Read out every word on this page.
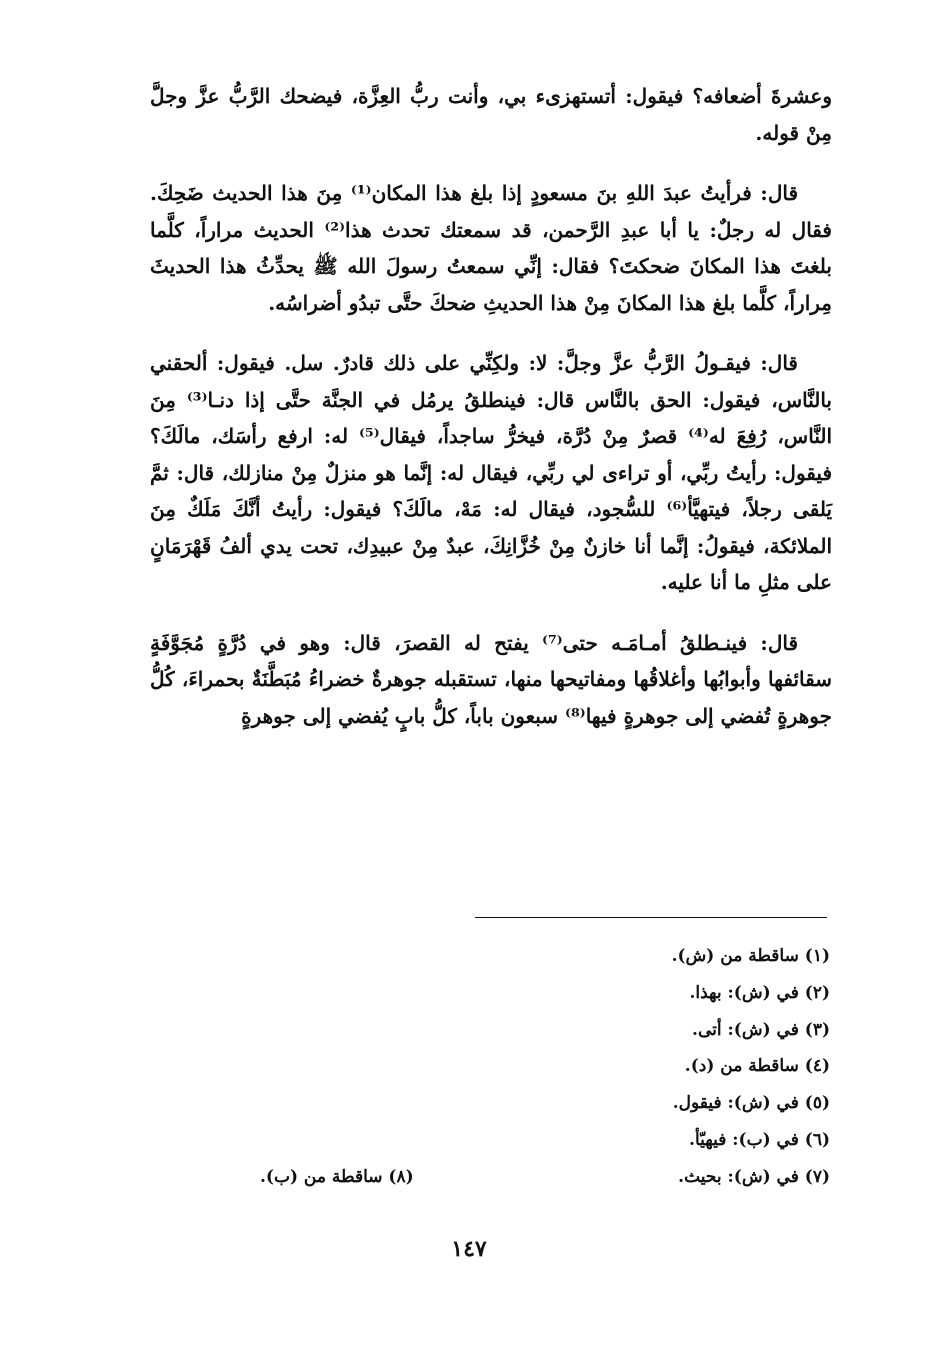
وعشرةَ أضعافه؟ فيقول: أتستهزىء بي، وأنت ربُّ العِزَّة، فيضحك الرَّبُّ عزَّ وجلَّ مِنْ قوله.

قال: فرأيتُ عبدَ اللهِ بنَ مسعودٍ إذا بلغ هذا المكان⁽¹⁾ مِنَ هذا الحديث ضَحِكَ. فقال له رجلٌ: يا أبا عبدِ الرَّحمن، قد سمعتك تحدث هذا⁽²⁾ الحديث مراراً، كلَّما بلغتَ هذا المكانَ ضحكتَ؟ فقال: إنِّي سمعتُ رسولَ الله ﷺ يحدِّثُ هذا الحديثَ مِراراً، كلَّما بلغ هذا المكانَ مِنْ هذا الحديثِ ضحكَ حتَّى تبدُو أضراسُه.

قال: فيقـولُ الرَّبُّ عزَّ وجلَّ: لا: ولكِنِّي على ذلك قادرٌ. سل. فيقول: ألحقني بالنَّاس، فيقول: الحق بالنَّاس قال: فينطلقُ يرمُل في الجنَّة حتَّى إذا دنـا⁽³⁾ مِنَ النَّاس، رُفِعَ له⁽⁴⁾ قصرٌ مِنْ دُرَّة، فيخرُّ ساجداً، فيقال⁽⁵⁾ له: ارفع رأسَك، مالَكَ؟ فيقول: رأيتُ ربِّي، أو تراءى لي ربِّي، فيقال له: إنَّما هو منزلٌ مِنْ منازلك، قال: ثمَّ يَلقى رجلاً، فيتهيَّأ⁽⁶⁾ للسُّجود، فيقال له: مَهْ، مالَكَ؟ فيقول: رأيتُ أنَّكَ مَلَكٌ مِنَ الملائكة، فيقولُ: إنَّما أنا خازنٌ مِنْ خُزَّانِكَ، عبدٌ مِنْ عبيدِك، تحت يدي ألفُ قَهْرَمَانٍ على مثلِ ما أنا عليه.

قال: فينـطلقُ أمـامَـه حتى⁽⁷⁾ يفتح له القصرَ، قال: وهو في دُرَّةٍ مُجَوَّفَةٍ سقائفها وأبوابُها وأغلاقُها ومفاتيحها منها، تستقبله جوهرةٌ خضراءُ مُبَطَّنَةٌ بحمراءَ، كُلُّ جوهرةٍ تُفضي إلى جوهرةٍ فيها⁽⁸⁾ سبعون باباً، كلُّ بابٍ يُفضي إلى جوهرةٍ

(١) ساقطة من (ش).
(٢) في (ش): بهذا.
(٣) في (ش): أتى.
(٤) ساقطة من (د).
(٥) في (ش): فيقول.
(٦) في (ب): فيهيّأ.
(٧) في (ش): بحيث.
(٨) ساقطة من (ب).
١٤٧
